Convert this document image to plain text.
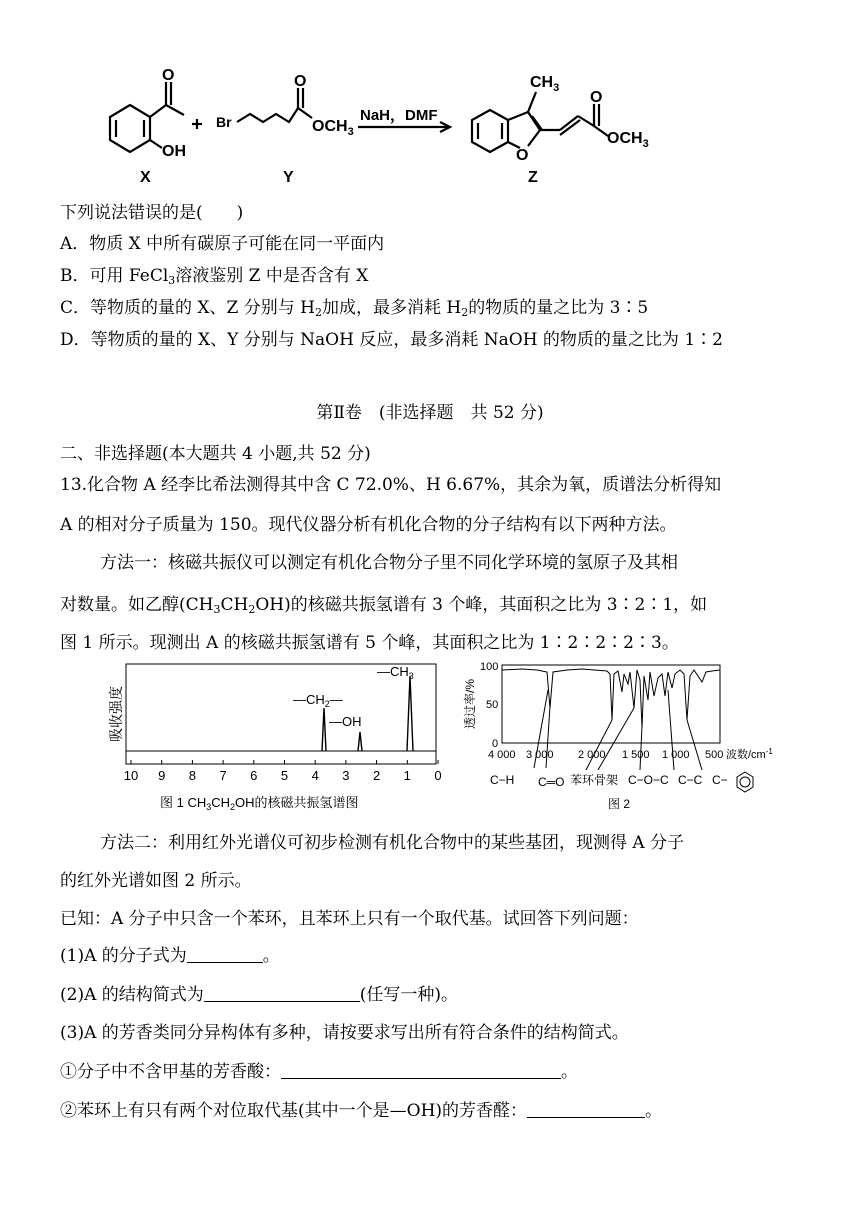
O
OH
Br
O
$OCH_3$
NaH，DMF
$CH_3$
O
O
$OCH_3$
X	Y	Z
下列说法错误的是(　　)
A．物质 X 中所有碳原子可能在同一平面内
B．可用 FeCl$_3$溶液鉴别 Z 中是否含有 X
C．等物质的量的 X、Z 分别与 $H_2$加成，最多消耗 $H_2$的物质的量之比为 3∶5
D．等物质的量的 X、Y 分别与 NaOH 反应，最多消耗 NaOH 的物质的量之比为 1∶2
第Ⅱ卷　(非选择题　共 52 分)
二、非选择题(本大题共 4 小题,共 52 分)
13.化合物 A 经李比希法测得其中含 C 72.0%、H 6.67%，其余为氧，质谱法分析得知
A 的相对分子质量为 150。现代仪器分析有机化合物的分子结构有以下两种方法。
方法一：核磁共振仪可以测定有机化合物分子里不同化学环境的氢原子及其相
对数量。如乙醇$(CH_3CH_2OH)$的核磁共振氢谱有 3 个峰，其面积之比为 3∶2∶1，如
图 1 所示。现测出 A 的核磁共振氢谱有 5 个峰，其面积之比为 1∶2∶2∶2∶3。
吸收强度
$—CH_3$
$—CH_2—$
—OH
10 9 8 7 6 5 4 3 2 1 0
图 1 $CH_3CH_2OH$的核磁共振氢谱图
透过率/%
100
50
0
4 000 3 000 2 000 1 500 1 000 500 波数$/cm^{-1}$
C−H C═O 苯环骨架 C−O−C C−C C−
图 2
方法二：利用红外光谱仪可初步检测有机化合物中的某些基团，现测得 A 分子
的红外光谱如图 2 所示。
已知：A 分子中只含一个苯环，且苯环上只有一个取代基。试回答下列问题：
(1)A 的分子式为	。
(2)A 的结构简式为	(任写一种)。
(3)A 的芳香类同分异构体有多种，请按要求写出所有符合条件的结构简式。
①分子中不含甲基的芳香酸：	。
②苯环上有只有两个对位取代基(其中一个是—OH)的芳香醛：	。
